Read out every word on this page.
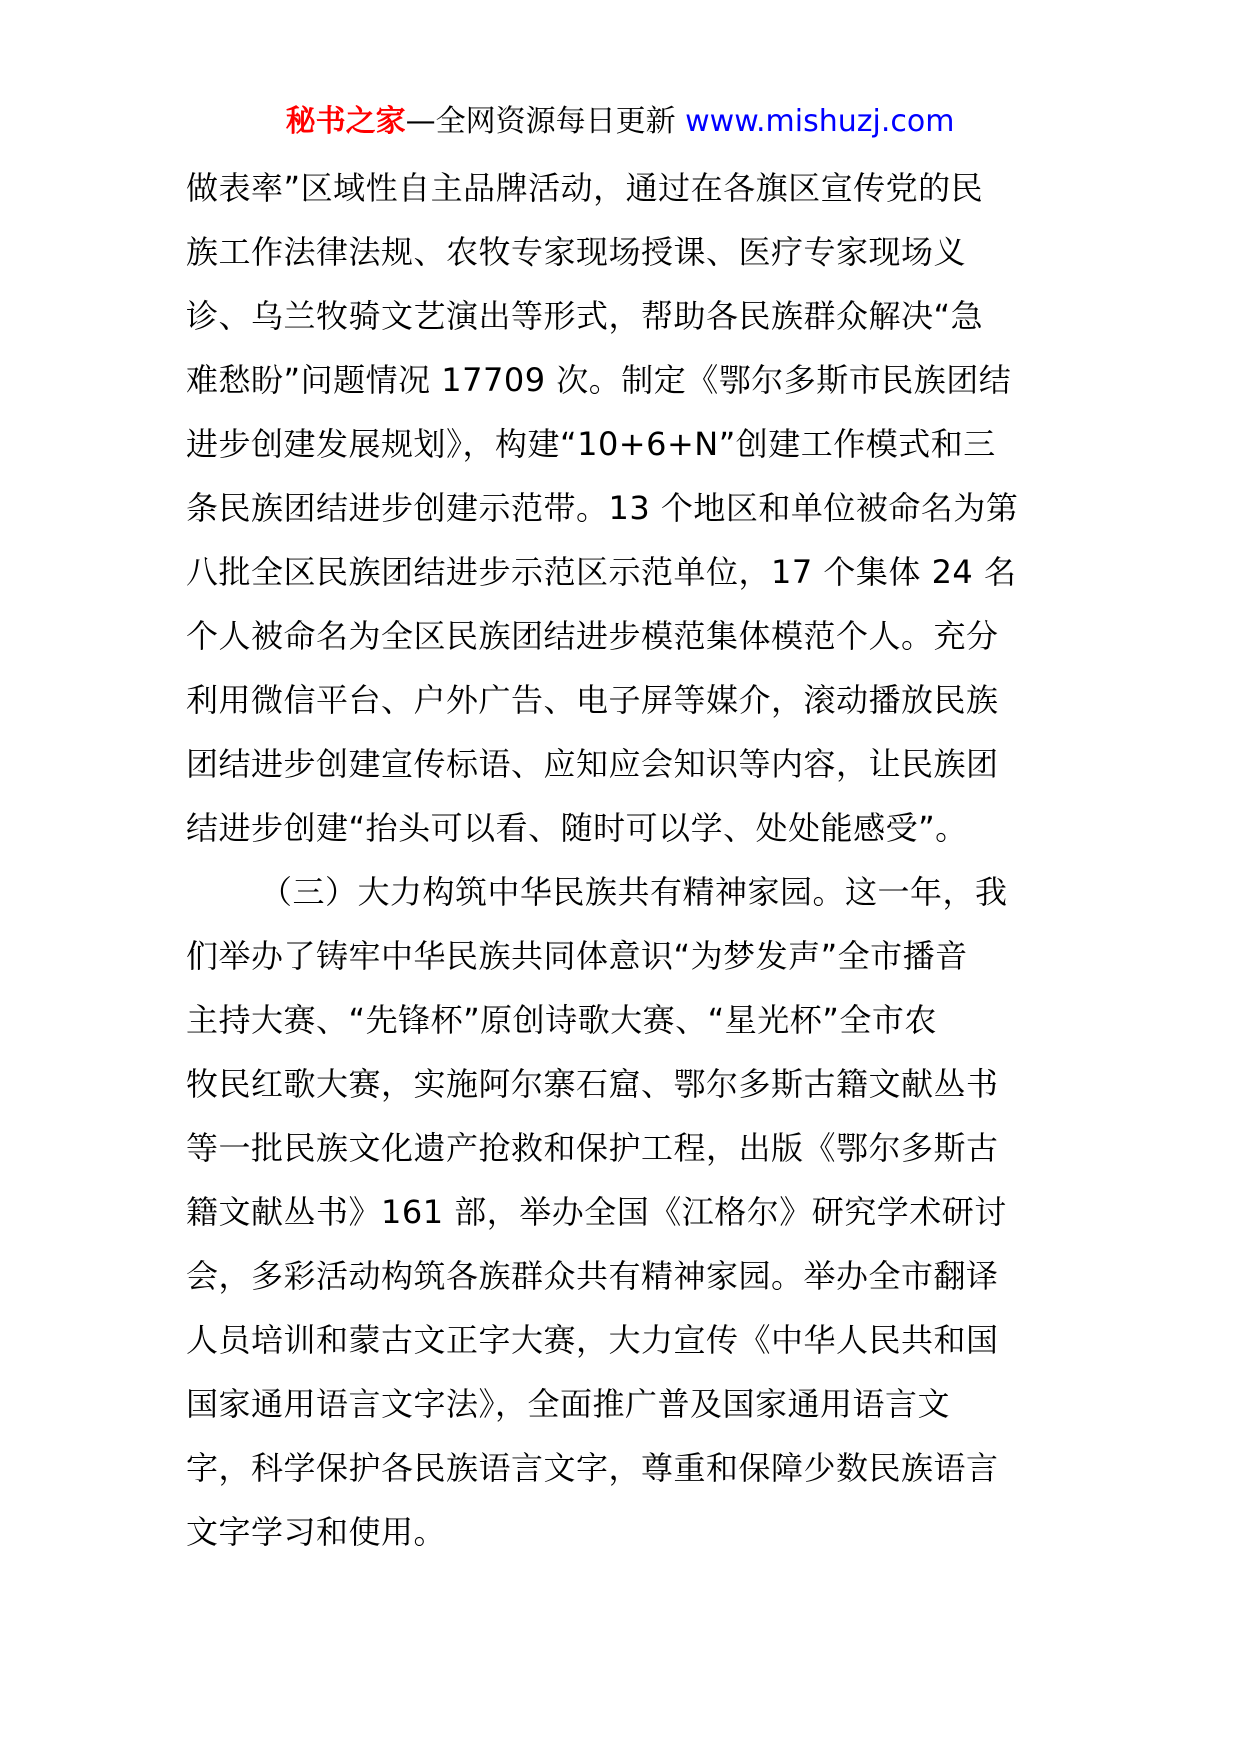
秘书之家—全网资源每日更新 www.mishuzj.com
做表率”区域性自主品牌活动，通过在各旗区宣传党的民
族工作法律法规、农牧专家现场授课、医疗专家现场义
诊、乌兰牧骑文艺演出等形式，帮助各民族群众解决“急
难愁盼”问题情况 17709 次。制定《鄂尔多斯市民族团结
进步创建发展规划》，构建“10+6+N”创建工作模式和三
条民族团结进步创建示范带。13 个地区和单位被命名为第
八批全区民族团结进步示范区示范单位，17 个集体 24 名
个人被命名为全区民族团结进步模范集体模范个人。充分
利用微信平台、户外广告、电子屏等媒介，滚动播放民族
团结进步创建宣传标语、应知应会知识等内容，让民族团
结进步创建“抬头可以看、随时可以学、处处能感受”。
（三）大力构筑中华民族共有精神家园。这一年，我
们举办了铸牢中华民族共同体意识“为梦发声”全市播音
主持大赛、“先锋杯”原创诗歌大赛、“星光杯”全市农
牧民红歌大赛，实施阿尔寨石窟、鄂尔多斯古籍文献丛书
等一批民族文化遗产抢救和保护工程，出版《鄂尔多斯古
籍文献丛书》161 部，举办全国《江格尔》研究学术研讨
会，多彩活动构筑各族群众共有精神家园。举办全市翻译
人员培训和蒙古文正字大赛，大力宣传《中华人民共和国
国家通用语言文字法》，全面推广普及国家通用语言文
字，科学保护各民族语言文字，尊重和保障少数民族语言
文字学习和使用。
